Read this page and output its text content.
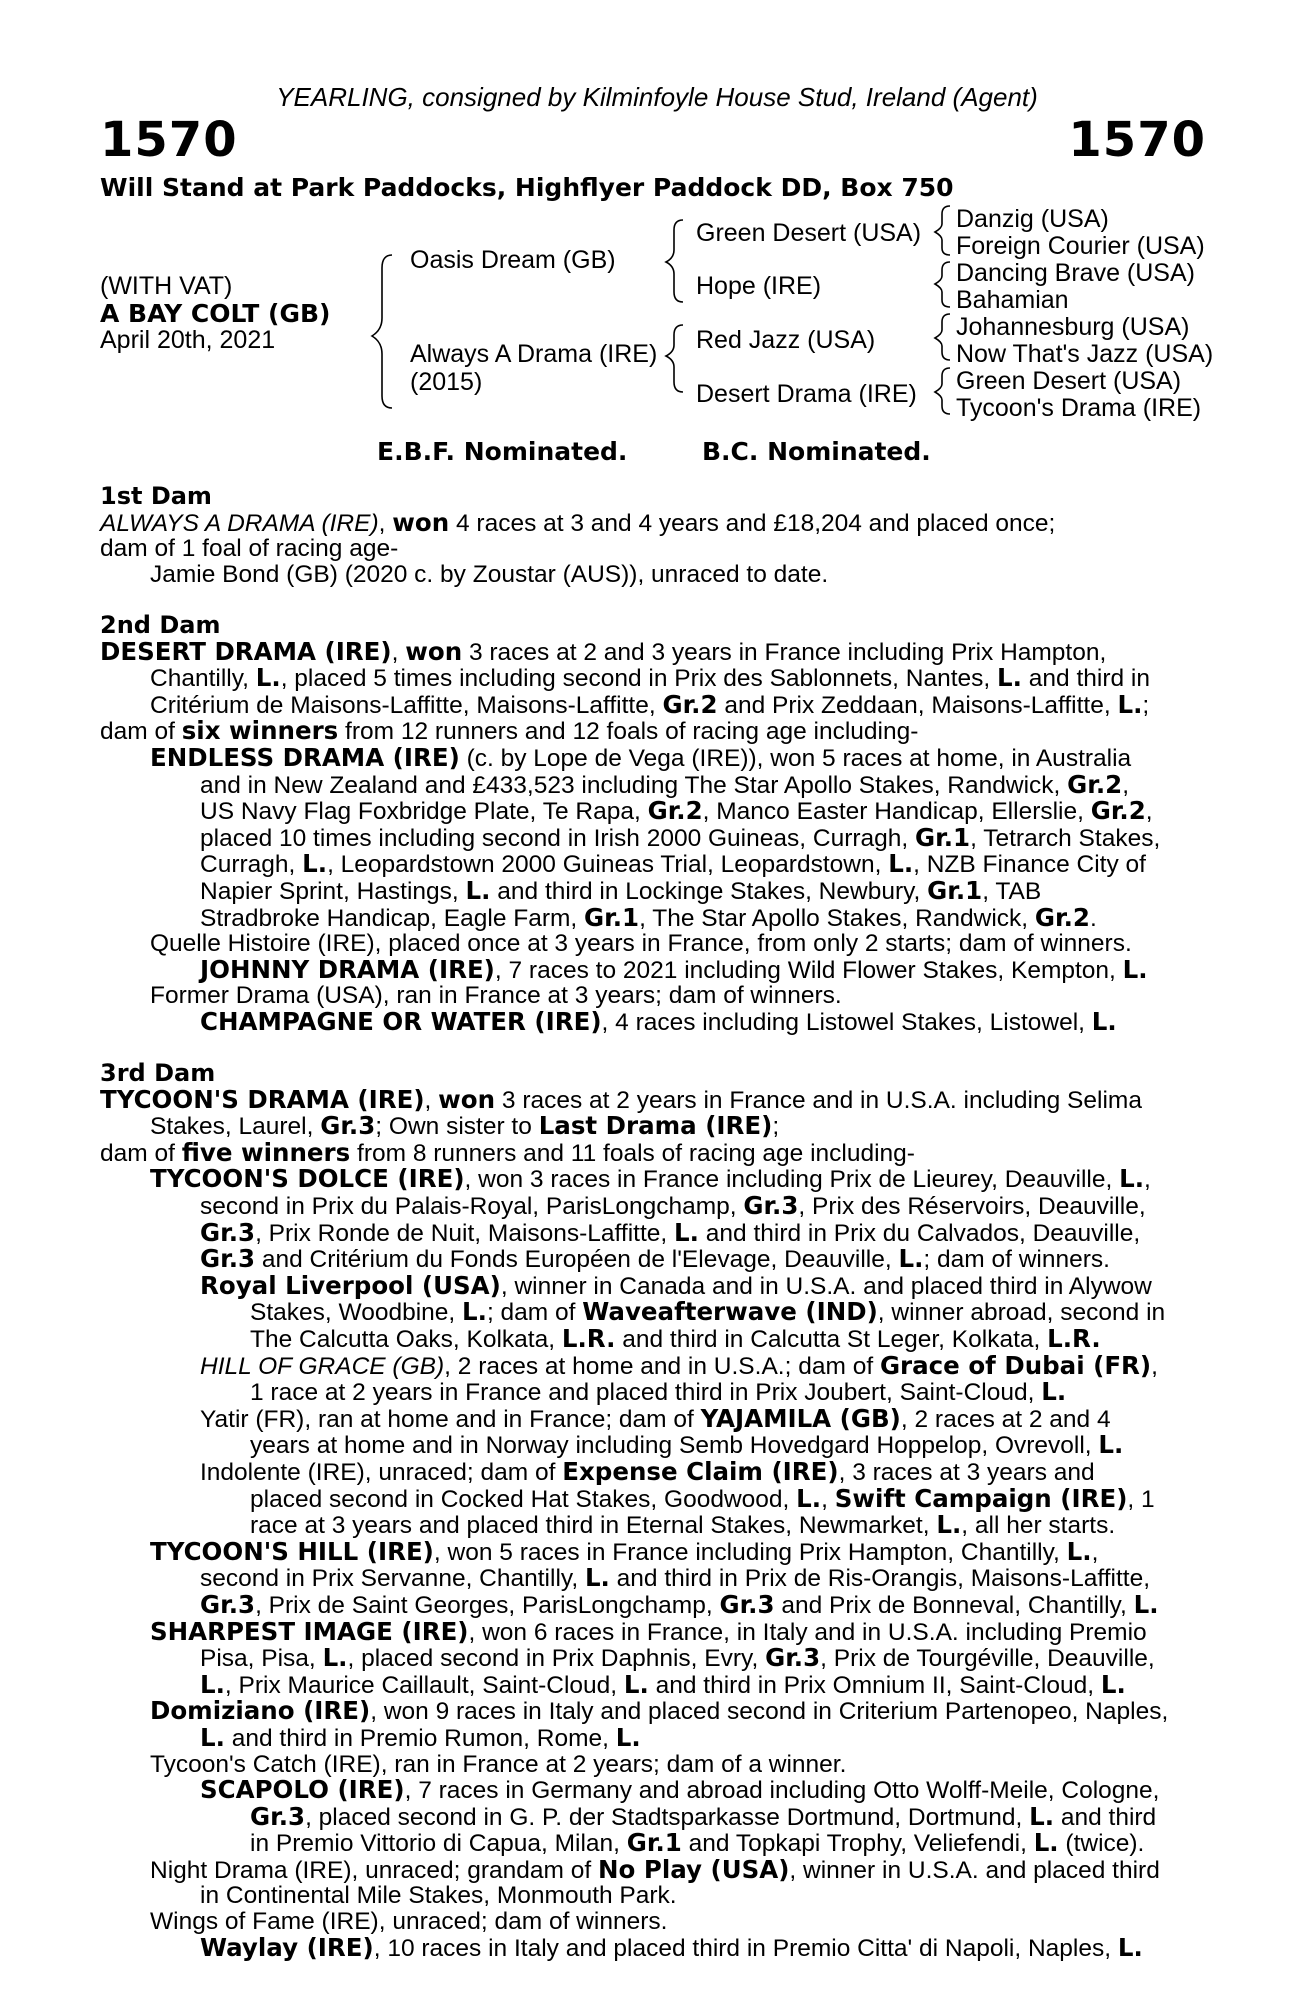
YEARLING, consigned by Kilminfoyle House Stud, Ireland (Agent)
1570	1570
Will Stand at Park Paddocks, Highflyer Paddock DD, Box 750
(WITH VAT)
A BAY COLT (GB)
April 20th, 2021
Oasis Dream (GB)
Always A Drama (IRE)
(2015)
Green Desert (USA)
Hope (IRE)
Red Jazz (USA)
Desert Drama (IRE)
Danzig (USA)
Foreign Courier (USA)
Dancing Brave (USA)
Bahamian
Johannesburg (USA)
Now That's Jazz (USA)
Green Desert (USA)
Tycoon's Drama (IRE)
E.B.F. Nominated.	B.C. Nominated.

1st Dam

ALWAYS A DRAMA (IRE), won 4 races at 3 and 4 years and £18,204 and placed once;

dam of 1 foal of racing age-

Jamie Bond (GB) (2020 c. by Zoustar (AUS)), unraced to date.

2nd Dam

DESERT DRAMA (IRE), won 3 races at 2 and 3 years in France including Prix Hampton,

Chantilly, L., placed 5 times including second in Prix des Sablonnets, Nantes, L. and third in

Critérium de Maisons-Laffitte, Maisons-Laffitte, Gr.2 and Prix Zeddaan, Maisons-Laffitte, L.;

dam of six winners from 12 runners and 12 foals of racing age including-

ENDLESS DRAMA (IRE) (c. by Lope de Vega (IRE)), won 5 races at home, in Australia

and in New Zealand and £433,523 including The Star Apollo Stakes, Randwick, Gr.2,

US Navy Flag Foxbridge Plate, Te Rapa, Gr.2, Manco Easter Handicap, Ellerslie, Gr.2,

placed 10 times including second in Irish 2000 Guineas, Curragh, Gr.1, Tetrarch Stakes,

Curragh, L., Leopardstown 2000 Guineas Trial, Leopardstown, L., NZB Finance City of

Napier Sprint, Hastings, L. and third in Lockinge Stakes, Newbury, Gr.1, TAB

Stradbroke Handicap, Eagle Farm, Gr.1, The Star Apollo Stakes, Randwick, Gr.2.

Quelle Histoire (IRE), placed once at 3 years in France, from only 2 starts; dam of winners.

JOHNNY DRAMA (IRE), 7 races to 2021 including Wild Flower Stakes, Kempton, L.

Former Drama (USA), ran in France at 3 years; dam of winners.

CHAMPAGNE OR WATER (IRE), 4 races including Listowel Stakes, Listowel, L.

3rd Dam

TYCOON'S DRAMA (IRE), won 3 races at 2 years in France and in U.S.A. including Selima

Stakes, Laurel, Gr.3; Own sister to Last Drama (IRE);

dam of five winners from 8 runners and 11 foals of racing age including-

TYCOON'S DOLCE (IRE), won 3 races in France including Prix de Lieurey, Deauville, L.,

second in Prix du Palais-Royal, ParisLongchamp, Gr.3, Prix des Réservoirs, Deauville,

Gr.3, Prix Ronde de Nuit, Maisons-Laffitte, L. and third in Prix du Calvados, Deauville,

Gr.3 and Critérium du Fonds Européen de l'Elevage, Deauville, L.; dam of winners.

Royal Liverpool (USA), winner in Canada and in U.S.A. and placed third in Alywow

Stakes, Woodbine, L.; dam of Waveafterwave (IND), winner abroad, second in

The Calcutta Oaks, Kolkata, L.R. and third in Calcutta St Leger, Kolkata, L.R.

HILL OF GRACE (GB), 2 races at home and in U.S.A.; dam of Grace of Dubai (FR),

1 race at 2 years in France and placed third in Prix Joubert, Saint-Cloud, L.

Yatir (FR), ran at home and in France; dam of YAJAMILA (GB), 2 races at 2 and 4

years at home and in Norway including Semb Hovedgard Hoppelop, Ovrevoll, L.

Indolente (IRE), unraced; dam of Expense Claim (IRE), 3 races at 3 years and

placed second in Cocked Hat Stakes, Goodwood, L., Swift Campaign (IRE), 1

race at 3 years and placed third in Eternal Stakes, Newmarket, L., all her starts.

TYCOON'S HILL (IRE), won 5 races in France including Prix Hampton, Chantilly, L.,

second in Prix Servanne, Chantilly, L. and third in Prix de Ris-Orangis, Maisons-Laffitte,

Gr.3, Prix de Saint Georges, ParisLongchamp, Gr.3 and Prix de Bonneval, Chantilly, L.

SHARPEST IMAGE (IRE), won 6 races in France, in Italy and in U.S.A. including Premio

Pisa, Pisa, L., placed second in Prix Daphnis, Evry, Gr.3, Prix de Tourgéville, Deauville,

L., Prix Maurice Caillault, Saint-Cloud, L. and third in Prix Omnium II, Saint-Cloud, L.

Domiziano (IRE), won 9 races in Italy and placed second in Criterium Partenopeo, Naples,

L. and third in Premio Rumon, Rome, L.

Tycoon's Catch (IRE), ran in France at 2 years; dam of a winner.

SCAPOLO (IRE), 7 races in Germany and abroad including Otto Wolff-Meile, Cologne,

Gr.3, placed second in G. P. der Stadtsparkasse Dortmund, Dortmund, L. and third

in Premio Vittorio di Capua, Milan, Gr.1 and Topkapi Trophy, Veliefendi, L. (twice).

Night Drama (IRE), unraced; grandam of No Play (USA), winner in U.S.A. and placed third

in Continental Mile Stakes, Monmouth Park.

Wings of Fame (IRE), unraced; dam of winners.

Waylay (IRE), 10 races in Italy and placed third in Premio Citta' di Napoli, Naples, L.
